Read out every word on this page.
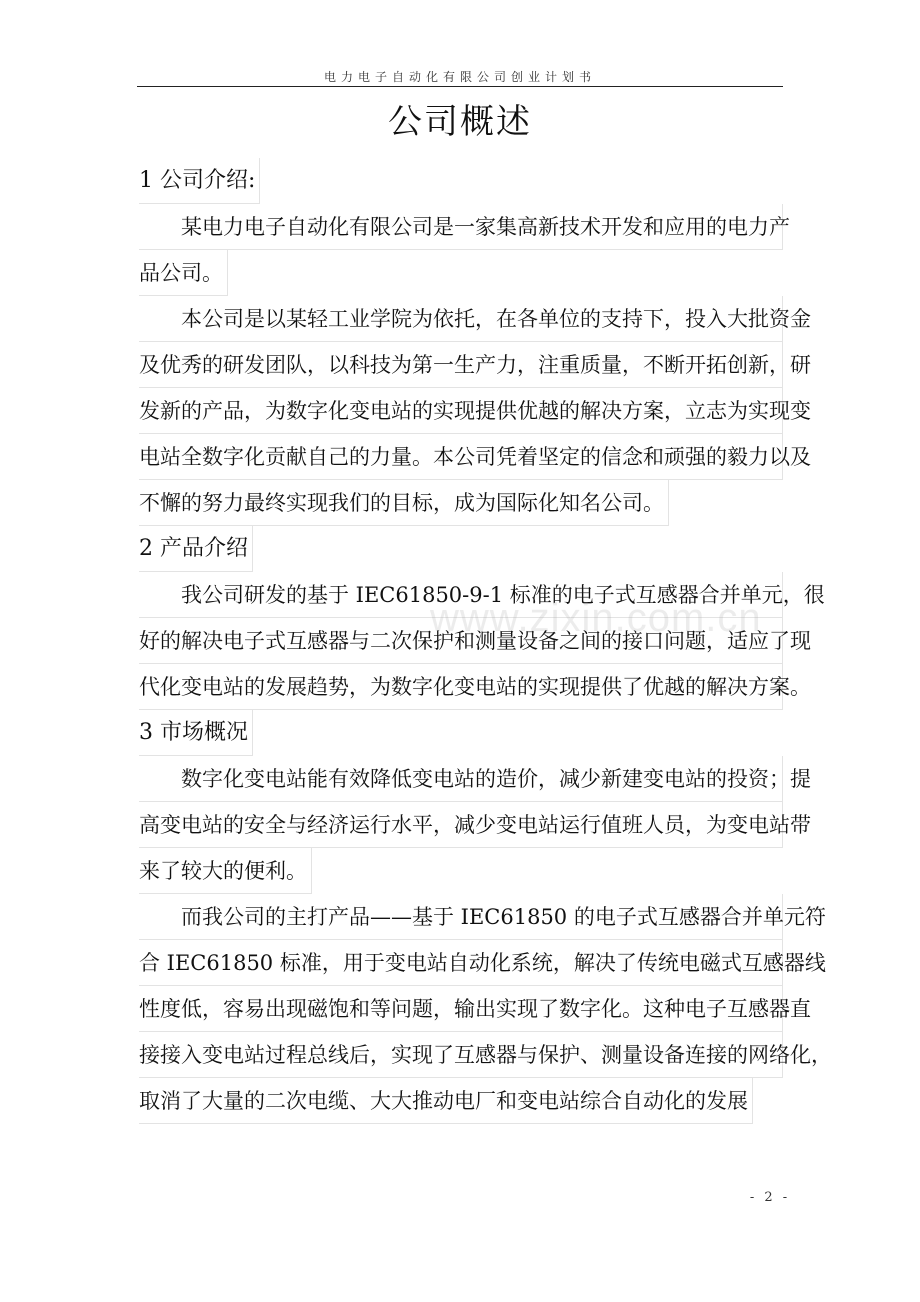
电力电子自动化有限公司创业计划书
公司概述
1 公司介绍:
某电力电子自动化有限公司是一家集高新技术开发和应用的电力产
品公司。
本公司是以某轻工业学院为依托，在各单位的支持下，投入大批资金
及优秀的研发团队，以科技为第一生产力，注重质量，不断开拓创新，研
发新的产品，为数字化变电站的实现提供优越的解决方案，立志为实现变
电站全数字化贡献自己的力量。本公司凭着坚定的信念和顽强的毅力以及
不懈的努力最终实现我们的目标，成为国际化知名公司。
2 产品介绍
我公司研发的基于 IEC61850-9-1 标准的电子式互感器合并单元，很
好的解决电子式互感器与二次保护和测量设备之间的接口问题，适应了现
代化变电站的发展趋势，为数字化变电站的实现提供了优越的解决方案。
3 市场概况
数字化变电站能有效降低变电站的造价，减少新建变电站的投资；提
高变电站的安全与经济运行水平，减少变电站运行值班人员，为变电站带
来了较大的便利。
而我公司的主打产品——基于 IEC61850 的电子式互感器合并单元符
合 IEC61850 标准，用于变电站自动化系统，解决了传统电磁式互感器线
性度低，容易出现磁饱和等问题，输出实现了数字化。这种电子互感器直
接接入变电站过程总线后，实现了互感器与保护、测量设备连接的网络化，
取消了大量的二次电缆、大大推动电厂和变电站综合自动化的发展
www.zixin.com.cn
- 2 -
